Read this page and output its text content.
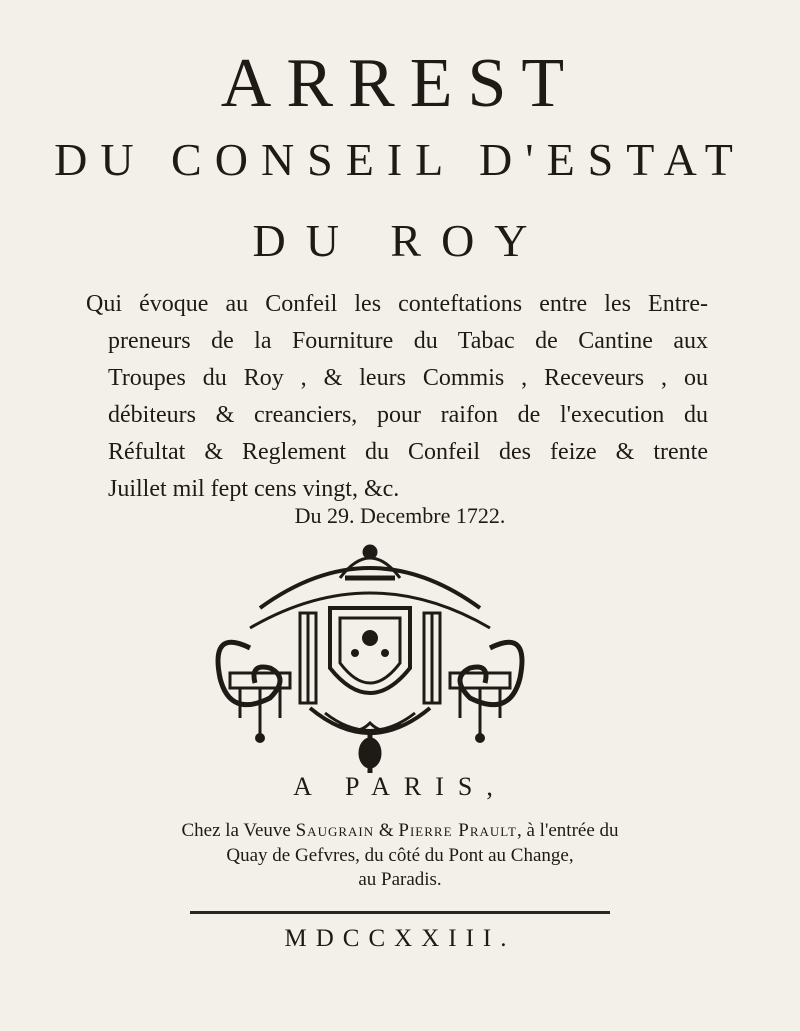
ARREST
DU CONSEIL D'ESTAT
DU ROY
Qui évoque au Confeil les conteftations entre les Entre-
preneurs de la Fourniture du Tabac de Cantine aux
Troupes du Roy , & leurs Commis , Receveurs , ou
débiteurs & creanciers, pour raifon de l'execution du
Réfultat & Reglement du Confeil des feize & trente
Juillet mil fept cens vingt, &c.
Du 29. Decembre 1722.
A PARIS,
Chez la Veuve Saugrain & Pierre Prault, à l'entrée du
Quay de Gefvres, du côté du Pont au Change,
au Paradis.
MDCCXXIII.
